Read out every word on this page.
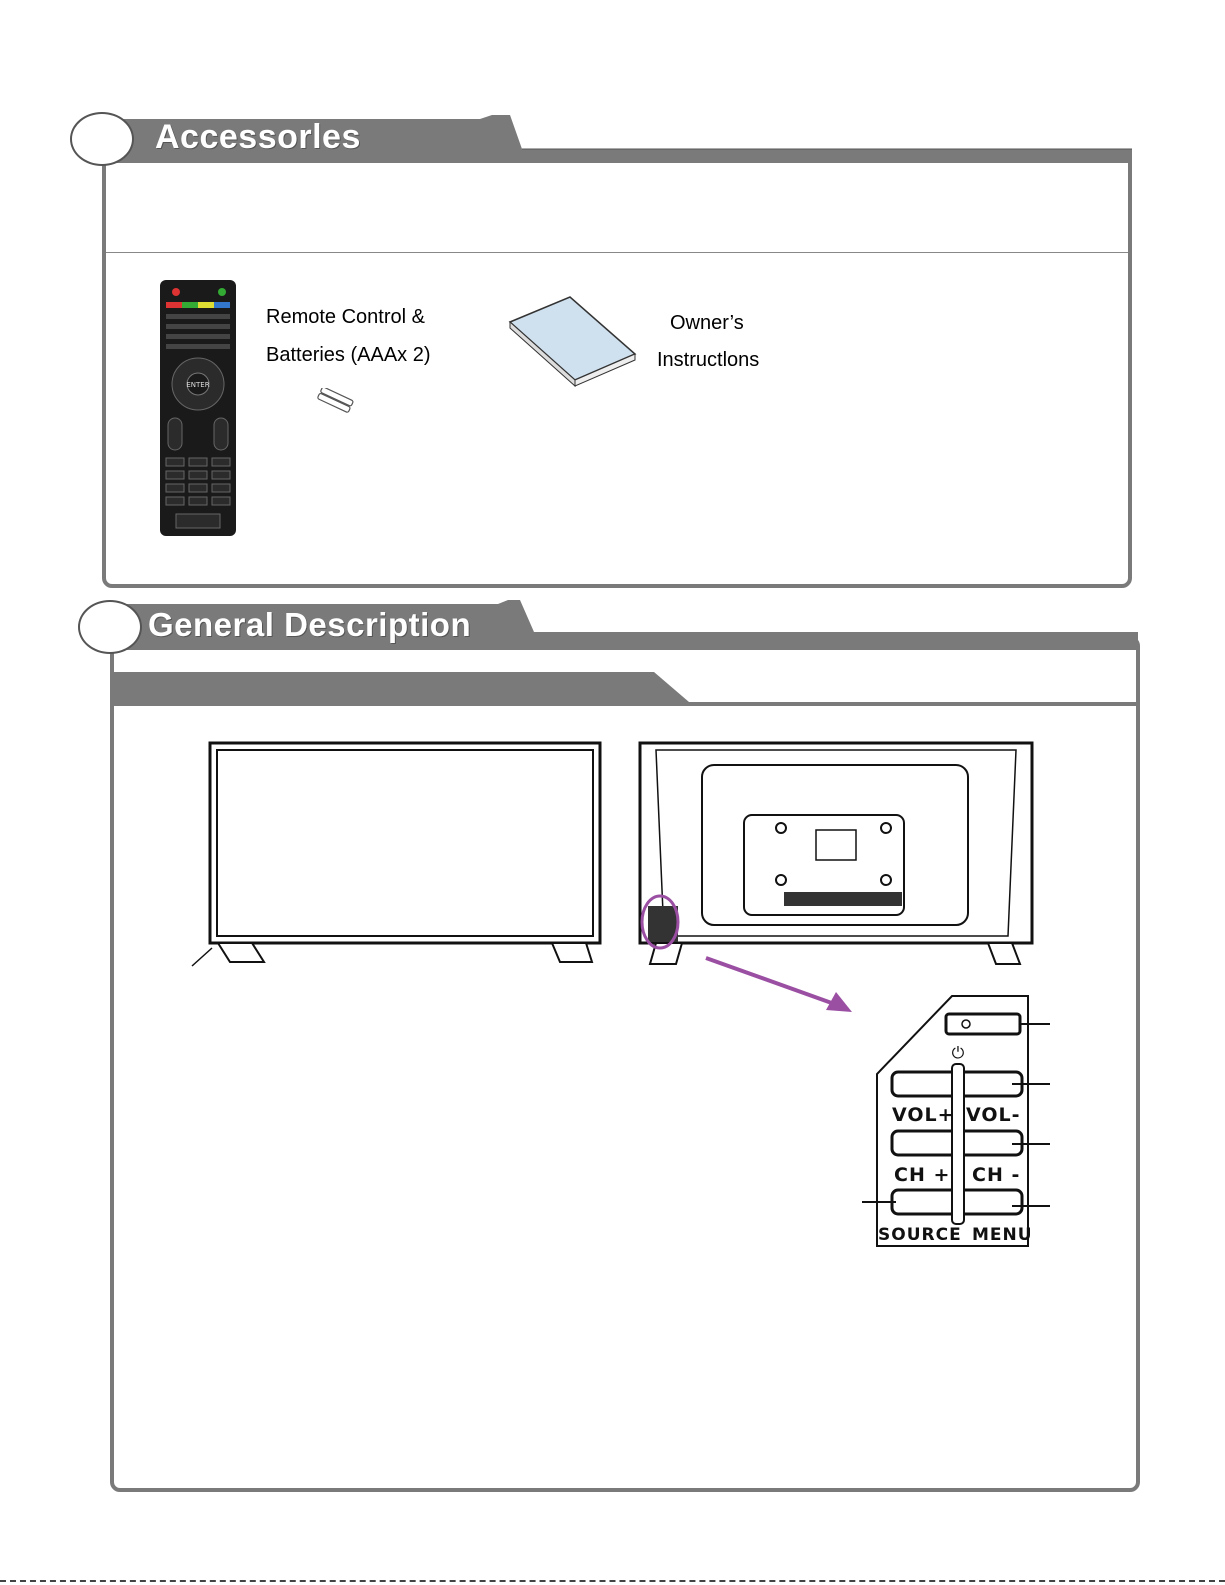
Accessorles
ENTER
Remote Control &
Batteries (AAAx 2)
Owner’s
Instructlons
General Description
⏻
VOL+ VOL-
CH + CH -
SOURCE MENU
